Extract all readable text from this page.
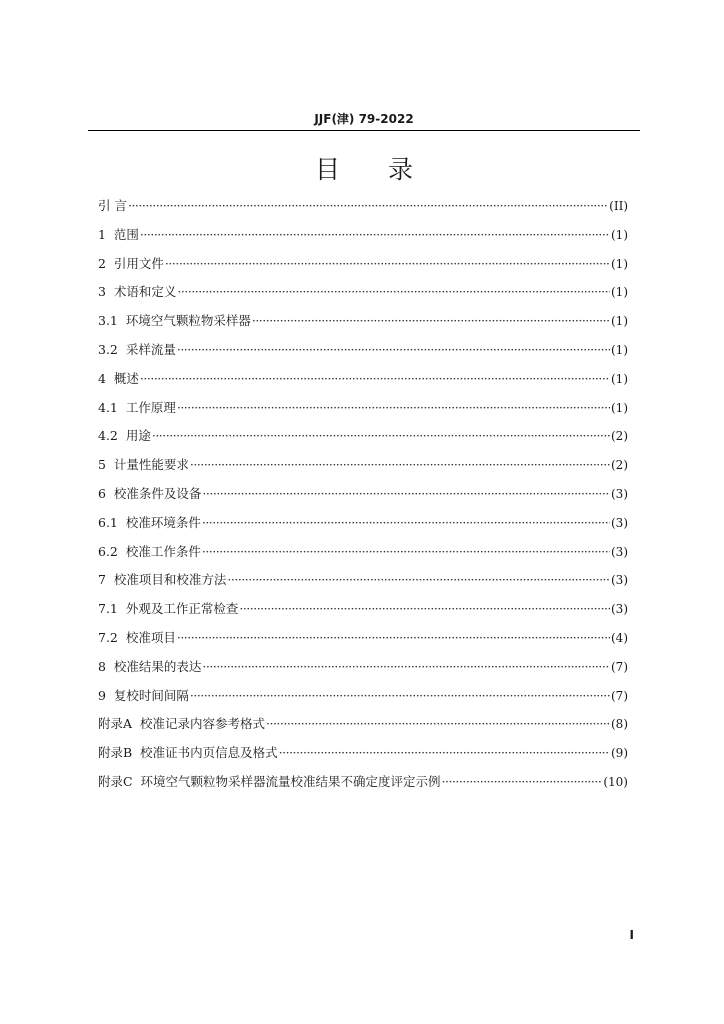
JJF(津) 79-2022
目录
引 言 ·····	(II)
1 范围 ·····	(1)
2 引用文件 ·····	(1)
3 术语和定义 ·····	(1)
3.1 环境空气颗粒物采样器 ·····	(1)
3.2 采样流量 ·····	(1)
4 概述 ·····	(1)
4.1 工作原理 ·····	(1)
4.2 用途 ·····	(2)
5 计量性能要求 ·····	(2)
6 校准条件及设备 ·····	(3)
6.1 校准环境条件 ·····	(3)
6.2 校准工作条件 ·····	(3)
7 校准项目和校准方法 ·····	(3)
7.1 外观及工作正常检查 ·····	(3)
7.2 校准项目 ·····	(4)
8 校准结果的表达 ·····	(7)
9 复校时间间隔 ·····	(7)
附录A 校准记录内容参考格式 ·····	(8)
附录B 校准证书内页信息及格式 ·····	(9)
附录C 环境空气颗粒物采样器流量校准结果不确定度评定示例 ·····	(10)
I
